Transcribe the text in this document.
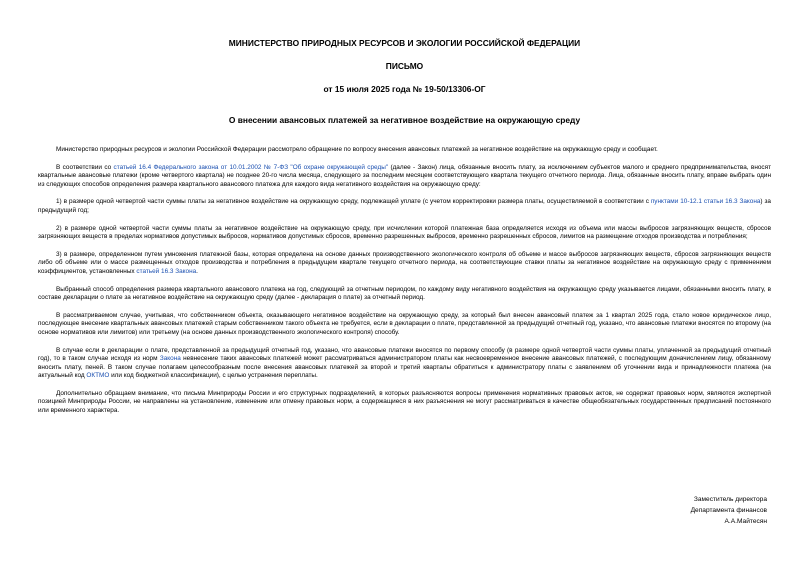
МИНИСТЕРСТВО ПРИРОДНЫХ РЕСУРСОВ И ЭКОЛОГИИ РОССИЙСКОЙ ФЕДЕРАЦИИ
ПИСЬМО
от 15 июля 2025 года № 19-50/13306-ОГ
О внесении авансовых платежей за негативное воздействие на окружающую среду

Министерство природных ресурсов и экологии Российской Федерации рассмотрело обращение по вопросу внесения авансовых платежей за негативное воздействие на окружающую среду и сообщает.

В соответствии со статьей 16.4 Федерального закона от 10.01.2002 № 7-ФЗ "Об охране окружающей среды" (далее - Закон) лица, обязанные вносить плату, за исключением субъектов малого и среднего предпринимательства, вносят квартальные авансовые платежи (кроме четвертого квартала) не позднее 20-го числа месяца, следующего за последним месяцем соответствующего квартала текущего отчетного периода. Лица, обязанные вносить плату, вправе выбрать один из следующих способов определения размера квартального авансового платежа для каждого вида негативного воздействия на окружающую среду:

1) в размере одной четвертой части суммы платы за негативное воздействие на окружающую среду, подлежащей уплате (с учетом корректировки размера платы, осуществляемой в соответствии с пунктами 10-12.1 статьи 16.3 Закона) за предыдущий год;

2) в размере одной четвертой части суммы платы за негативное воздействие на окружающую среду, при исчислении которой платежная база определяется исходя из объема или массы выбросов загрязняющих веществ, сбросов загрязняющих веществ в пределах нормативов допустимых выбросов, нормативов допустимых сбросов, временно разрешенных выбросов, временно разрешенных сбросов, лимитов на размещение отходов производства и потребления;

3) в размере, определенном путем умножения платежной базы, которая определена на основе данных производственного экологического контроля об объеме и массе выбросов загрязняющих веществ, сбросов загрязняющих веществ либо об объеме или о массе размещенных отходов производства и потребления в предыдущем квартале текущего отчетного периода, на соответствующие ставки платы за негативное воздействие на окружающую среду с применением коэффициентов, установленных статьей 16.3 Закона.

Выбранный способ определения размера квартального авансового платежа на год, следующий за отчетным периодом, по каждому виду негативного воздействия на окружающую среду указывается лицами, обязанными вносить плату, в составе декларации о плате за негативное воздействие на окружающую среду (далее - декларация о плате) за отчетный период.

В рассматриваемом случае, учитывая, что собственником объекта, оказывающего негативное воздействие на окружающую среду, за который был внесен авансовый платеж за 1 квартал 2025 года, стало новое юридическое лицо, последующее внесение квартальных авансовых платежей старым собственником такого объекта не требуется, если в декларации о плате, представленной за предыдущий отчетный год, указано, что авансовые платежи вносятся по второму (на основе нормативов или лимитов) или третьему (на основе данных производственного экологического контроля) способу.

В случае если в декларации о плате, представленной за предыдущий отчетный год, указано, что авансовые платежи вносятся по первому способу (в размере одной четвертой части суммы платы, уплаченной за предыдущий отчетный год), то в таком случае исходя из норм Закона невнесение таких авансовых платежей может рассматриваться администратором платы как несвоевременное внесение авансовых платежей, с последующим доначислением лицу, обязанному вносить плату, пеней. В таком случае полагаем целесообразным после внесения авансовых платежей за второй и третий кварталы обратиться к администратору платы с заявлением об уточнении вида и принадлежности платежа (на актуальный код ОКТМО или код бюджетной классификации), с целью устранения переплаты.

Дополнительно обращаем внимание, что письма Минприроды России и его структурных подразделений, в которых разъясняются вопросы применения нормативных правовых актов, не содержат правовых норм, являются экспертной позицией Минприроды России, не направлены на установление, изменение или отмену правовых норм, а содержащиеся в них разъяснения не могут рассматриваться в качестве общеобязательных государственных предписаний постоянного или временного характера.

Заместитель директора
Департамента финансов
А.А.Майтесян
